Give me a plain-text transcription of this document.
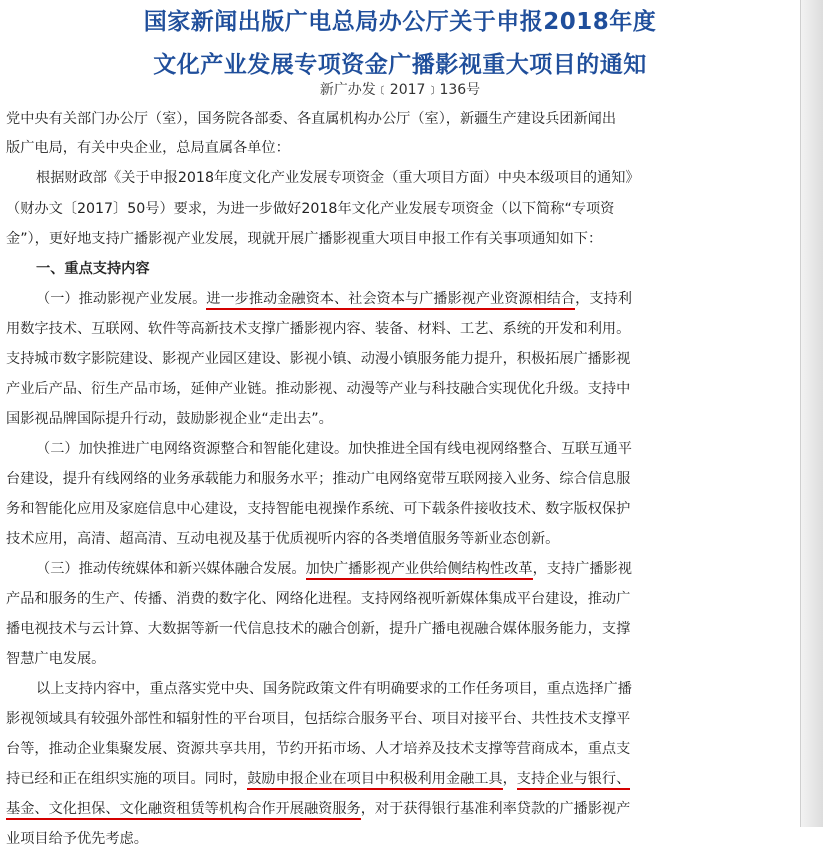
国家新闻出版广电总局办公厅关于申报2018年度
文化产业发展专项资金广播影视重大项目的通知
新广办发﹝2017﹞136号
党中央有关部门办公厅（室），国务院各部委、各直属机构办公厅（室），新疆生产建设兵团新闻出
版广电局，有关中央企业，总局直属各单位：
根据财政部《关于申报2018年度文化产业发展专项资金（重大项目方面）中央本级项目的通知》
（财办文〔2017〕50号）要求，为进一步做好2018年文化产业发展专项资金（以下简称“专项资
金”），更好地支持广播影视产业发展，现就开展广播影视重大项目申报工作有关事项通知如下：
一、重点支持内容
（一）推动影视产业发展。进一步推动金融资本、社会资本与广播影视产业资源相结合，支持利
用数字技术、互联网、软件等高新技术支撑广播影视内容、装备、材料、工艺、系统的开发和利用。
支持城市数字影院建设、影视产业园区建设、影视小镇、动漫小镇服务能力提升，积极拓展广播影视
产业后产品、衍生产品市场，延伸产业链。推动影视、动漫等产业与科技融合实现优化升级。支持中
国影视品牌国际提升行动，鼓励影视企业“走出去”。
（二）加快推进广电网络资源整合和智能化建设。加快推进全国有线电视网络整合、互联互通平
台建设，提升有线网络的业务承载能力和服务水平；推动广电网络宽带互联网接入业务、综合信息服
务和智能化应用及家庭信息中心建设，支持智能电视操作系统、可下载条件接收技术、数字版权保护
技术应用，高清、超高清、互动电视及基于优质视听内容的各类增值服务等新业态创新。
（三）推动传统媒体和新兴媒体融合发展。加快广播影视产业供给侧结构性改革，支持广播影视
产品和服务的生产、传播、消费的数字化、网络化进程。支持网络视听新媒体集成平台建设，推动广
播电视技术与云计算、大数据等新一代信息技术的融合创新，提升广播电视融合媒体服务能力，支撑
智慧广电发展。
以上支持内容中，重点落实党中央、国务院政策文件有明确要求的工作任务项目，重点选择广播
影视领域具有较强外部性和辐射性的平台项目，包括综合服务平台、项目对接平台、共性技术支撑平
台等，推动企业集聚发展、资源共享共用，节约开拓市场、人才培养及技术支撑等营商成本，重点支
持已经和正在组织实施的项目。同时，鼓励申报企业在项目中积极利用金融工具，支持企业与银行、
基金、文化担保、文化融资租赁等机构合作开展融资服务，对于获得银行基准利率贷款的广播影视产
业项目给予优先考虑。
